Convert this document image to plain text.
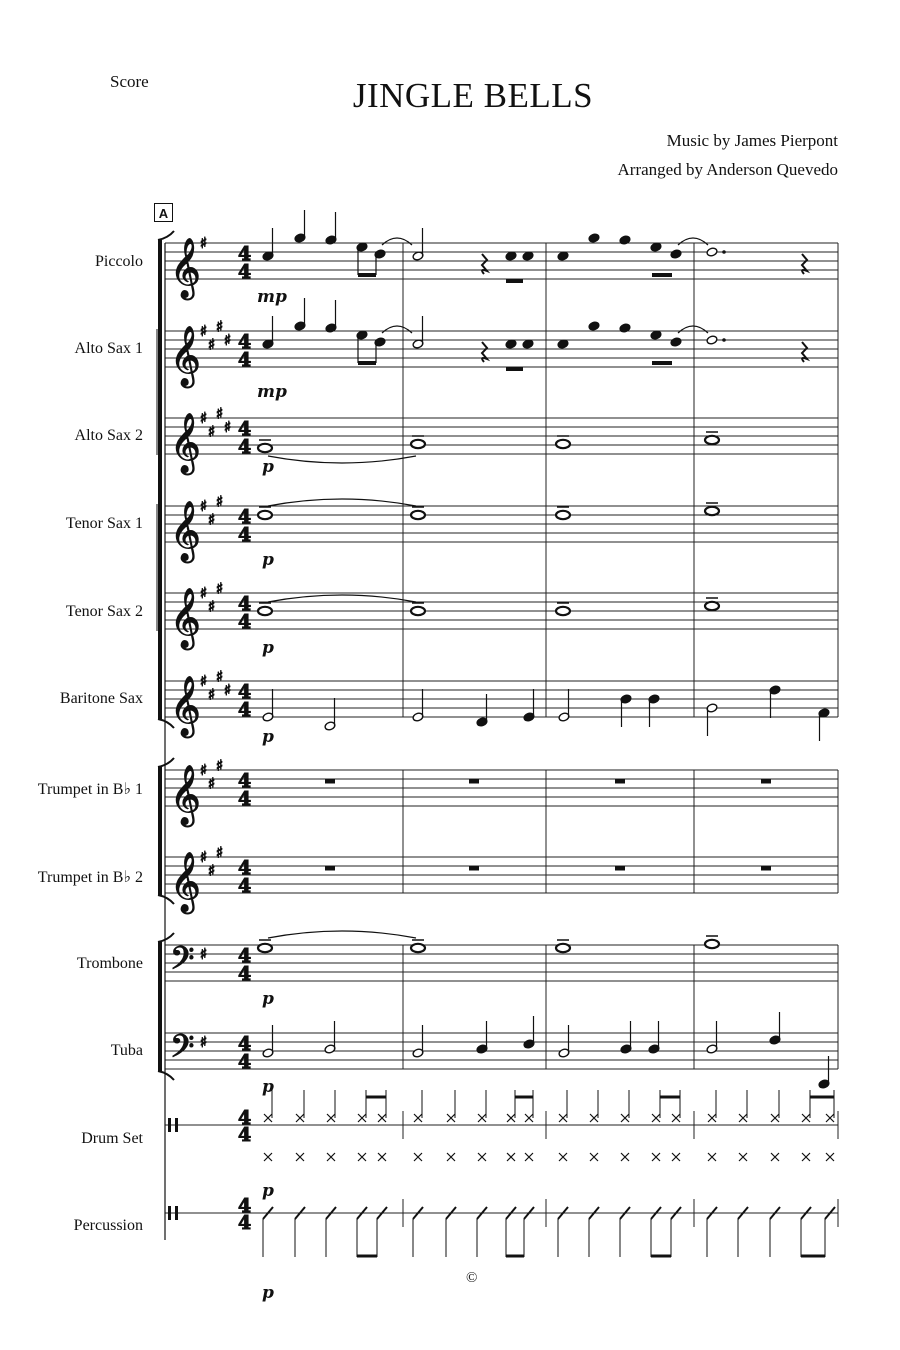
Score	JINGLE BELLS
Music by James Pierpont
Arranged by Anderson Quevedo
A
Piccolo
Alto Sax 1
Alto Sax 2
Tenor Sax 1
Tenor Sax 2
Baritone Sax
Trumpet in B♭ 1
Trumpet in B♭ 2
Trombone
Tuba
Drum Set
Percussion
mp
mp
p
p
p
p
p
p
p
p
©
𝄞
𝄞
𝄞
𝄞
𝄞
𝄞
𝄞
𝄞
𝄢
𝄢
♯
♯
♯
♯
♯
♯
♯
♯
♯
♯
♯
♯
♯
♯
♯
♯
♯
♯
♯
♯
♯
♯
♯
♯
♯
♯
♯
4
4
4
4
4
4
4
4
4
4
4
4
4
4
4
4
4
4
4
4
4
4
4
4
